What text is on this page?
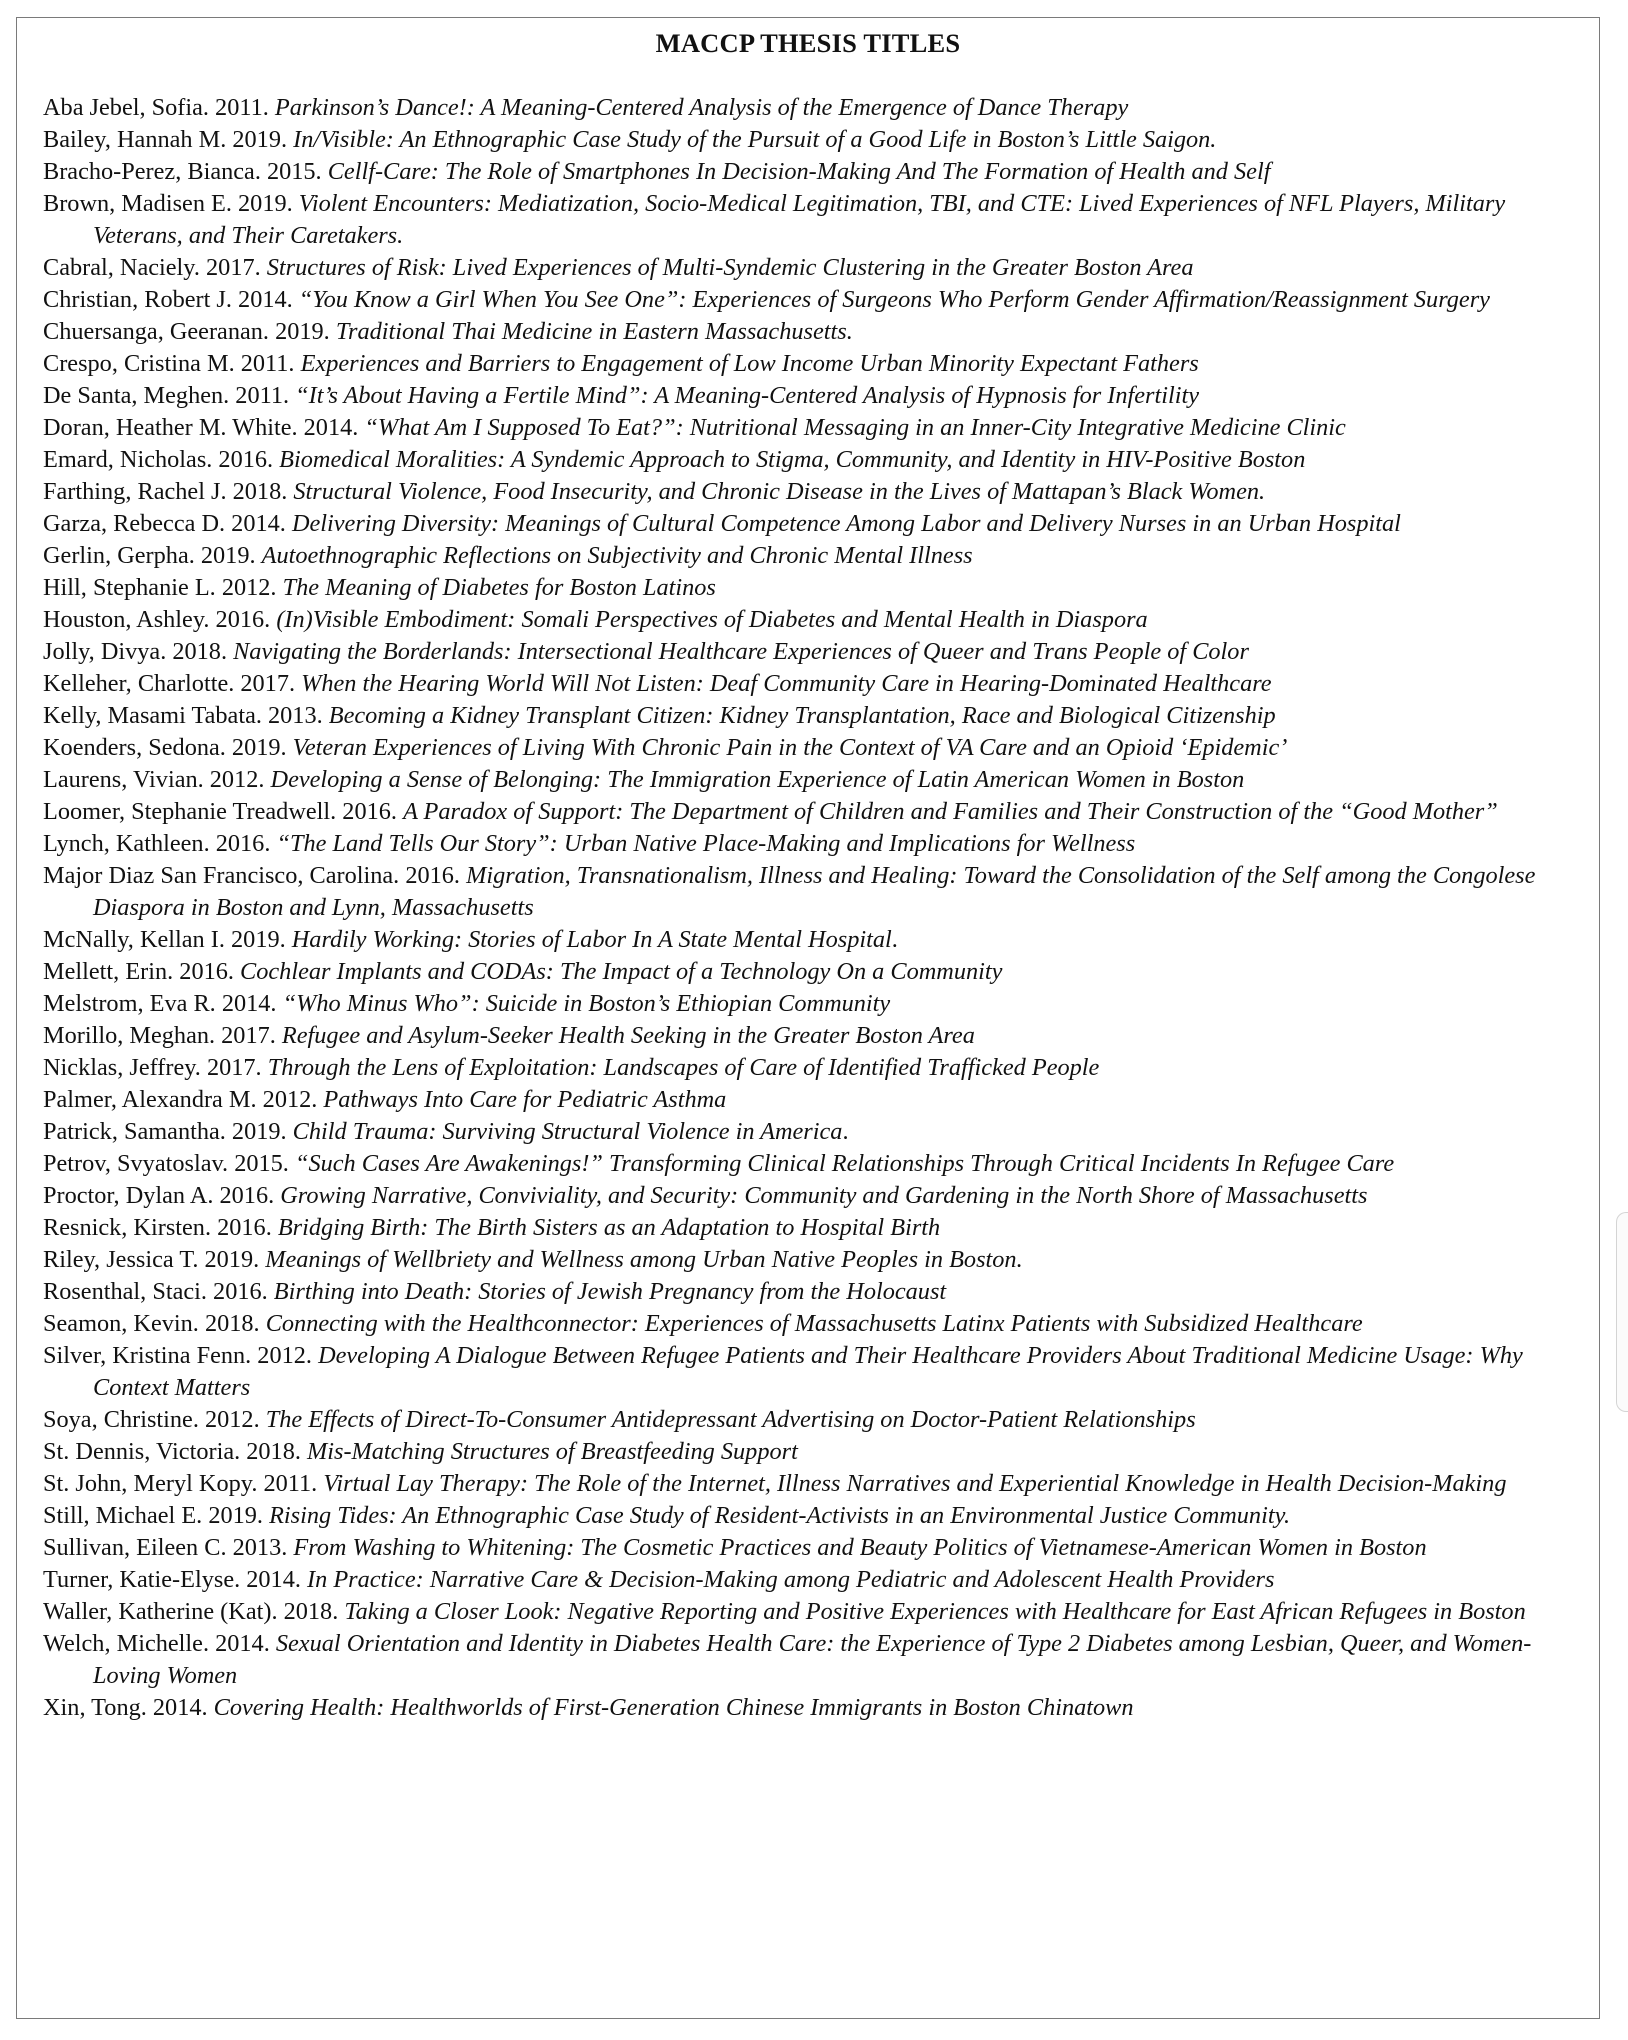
MACCP THESIS TITLES
Aba Jebel, Sofia. 2011. Parkinson’s Dance!: A Meaning-Centered Analysis of the Emergence of Dance Therapy
Bailey, Hannah M. 2019. In/Visible: An Ethnographic Case Study of the Pursuit of a Good Life in Boston’s Little Saigon.
Bracho-Perez, Bianca. 2015. Cellf-Care: The Role of Smartphones In Decision-Making And The Formation of Health and Self
Brown, Madisen E. 2019. Violent Encounters: Mediatization, Socio-Medical Legitimation, TBI, and CTE: Lived Experiences of NFL Players, Military Veterans, and Their Caretakers.
Cabral, Naciely. 2017. Structures of Risk: Lived Experiences of Multi-Syndemic Clustering in the Greater Boston Area
Christian, Robert J. 2014. “You Know a Girl When You See One”: Experiences of Surgeons Who Perform Gender Affirmation/Reassignment Surgery
Chuersanga, Geeranan. 2019. Traditional Thai Medicine in Eastern Massachusetts.
Crespo, Cristina M. 2011. Experiences and Barriers to Engagement of Low Income Urban Minority Expectant Fathers
De Santa, Meghen. 2011. “It’s About Having a Fertile Mind”: A Meaning-Centered Analysis of Hypnosis for Infertility
Doran, Heather M. White. 2014. “What Am I Supposed To Eat?”: Nutritional Messaging in an Inner-City Integrative Medicine Clinic
Emard, Nicholas. 2016. Biomedical Moralities: A Syndemic Approach to Stigma, Community, and Identity in HIV-Positive Boston
Farthing, Rachel J. 2018. Structural Violence, Food Insecurity, and Chronic Disease in the Lives of Mattapan’s Black Women.
Garza, Rebecca D. 2014. Delivering Diversity: Meanings of Cultural Competence Among Labor and Delivery Nurses in an Urban Hospital
Gerlin, Gerpha. 2019. Autoethnographic Reflections on Subjectivity and Chronic Mental Illness
Hill, Stephanie L. 2012. The Meaning of Diabetes for Boston Latinos
Houston, Ashley. 2016. (In)Visible Embodiment: Somali Perspectives of Diabetes and Mental Health in Diaspora
Jolly, Divya. 2018. Navigating the Borderlands: Intersectional Healthcare Experiences of Queer and Trans People of Color
Kelleher, Charlotte. 2017. When the Hearing World Will Not Listen: Deaf Community Care in Hearing-Dominated Healthcare
Kelly, Masami Tabata. 2013. Becoming a Kidney Transplant Citizen: Kidney Transplantation, Race and Biological Citizenship
Koenders, Sedona. 2019. Veteran Experiences of Living With Chronic Pain in the Context of VA Care and an Opioid ‘Epidemic’
Laurens, Vivian. 2012. Developing a Sense of Belonging: The Immigration Experience of Latin American Women in Boston
Loomer, Stephanie Treadwell. 2016. A Paradox of Support: The Department of Children and Families and Their Construction of the “Good Mother”
Lynch, Kathleen. 2016. “The Land Tells Our Story”: Urban Native Place-Making and Implications for Wellness
Major Diaz San Francisco, Carolina. 2016. Migration, Transnationalism, Illness and Healing: Toward the Consolidation of the Self among the Congolese Diaspora in Boston and Lynn, Massachusetts
McNally, Kellan I. 2019. Hardily Working: Stories of Labor In A State Mental Hospital.
Mellett, Erin. 2016. Cochlear Implants and CODAs: The Impact of a Technology On a Community
Melstrom, Eva R. 2014. “Who Minus Who”: Suicide in Boston’s Ethiopian Community
Morillo, Meghan. 2017. Refugee and Asylum-Seeker Health Seeking in the Greater Boston Area
Nicklas, Jeffrey. 2017. Through the Lens of Exploitation: Landscapes of Care of Identified Trafficked People
Palmer, Alexandra M. 2012. Pathways Into Care for Pediatric Asthma
Patrick, Samantha. 2019. Child Trauma: Surviving Structural Violence in America.
Petrov, Svyatoslav. 2015. “Such Cases Are Awakenings!” Transforming Clinical Relationships Through Critical Incidents In Refugee Care
Proctor, Dylan A. 2016. Growing Narrative, Conviviality, and Security: Community and Gardening in the North Shore of Massachusetts
Resnick, Kirsten. 2016. Bridging Birth: The Birth Sisters as an Adaptation to Hospital Birth
Riley, Jessica T. 2019. Meanings of Wellbriety and Wellness among Urban Native Peoples in Boston.
Rosenthal, Staci. 2016. Birthing into Death: Stories of Jewish Pregnancy from the Holocaust
Seamon, Kevin. 2018. Connecting with the Healthconnector: Experiences of Massachusetts Latinx Patients with Subsidized Healthcare
Silver, Kristina Fenn. 2012. Developing A Dialogue Between Refugee Patients and Their Healthcare Providers About Traditional Medicine Usage: Why Context Matters
Soya, Christine. 2012. The Effects of Direct-To-Consumer Antidepressant Advertising on Doctor-Patient Relationships
St. Dennis, Victoria. 2018. Mis-Matching Structures of Breastfeeding Support
St. John, Meryl Kopy. 2011. Virtual Lay Therapy: The Role of the Internet, Illness Narratives and Experiential Knowledge in Health Decision-Making
Still, Michael E. 2019. Rising Tides: An Ethnographic Case Study of Resident-Activists in an Environmental Justice Community.
Sullivan, Eileen C. 2013. From Washing to Whitening: The Cosmetic Practices and Beauty Politics of Vietnamese-American Women in Boston
Turner, Katie-Elyse. 2014. In Practice: Narrative Care & Decision-Making among Pediatric and Adolescent Health Providers
Waller, Katherine (Kat). 2018. Taking a Closer Look: Negative Reporting and Positive Experiences with Healthcare for East African Refugees in Boston
Welch, Michelle. 2014. Sexual Orientation and Identity in Diabetes Health Care: the Experience of Type 2 Diabetes among Lesbian, Queer, and Women-Loving Women
Xin, Tong. 2014. Covering Health: Healthworlds of First-Generation Chinese Immigrants in Boston Chinatown
